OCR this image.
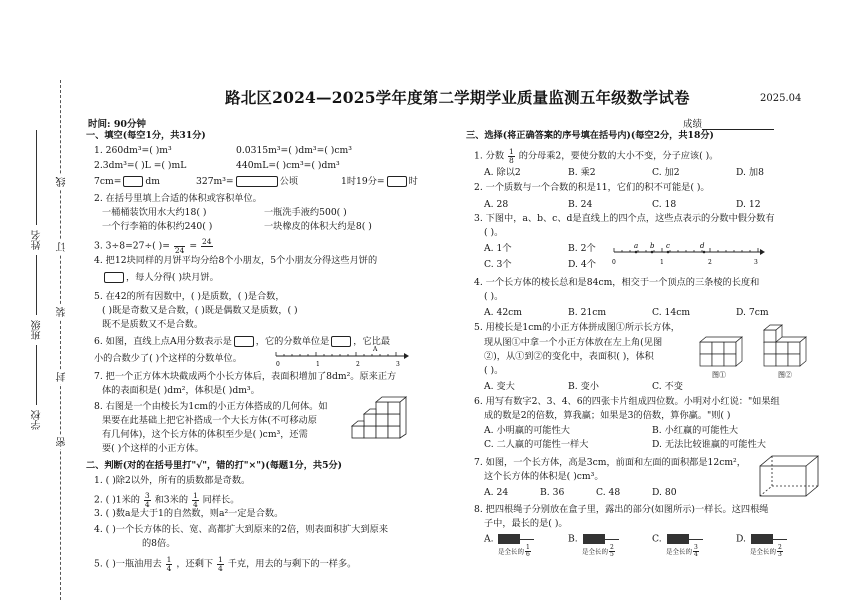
学校
班级
姓名
线
订
装
封
密
路北区2024—2025学年度第二学期学业质量监测五年级数学试卷	2025.04
时间: 90分钟	成绩
一、填空(每空1分，共31分)
1. 260dm³=( )m³	0.0315m³=( )dm³=( )cm³
2.3dm³=( )L =( )mL	440mL=( )cm³=( )dm³
7cm=	dm	327m³=	公顷	1时19分=	时
2. 在括号里填上合适的体积或容积单位。
一桶桶装饮用水大约18( )	一瓶洗手液约500( )
一个行李箱的体积约240( )	一块橡皮的体积大约是8( )
3. 3÷8=27÷( )=
  24 = 24

4. 把12块同样的月饼平均分给8个小朋友，5个小朋友分得这些月饼的
，每人分得( )块月饼。
5. 在42的所有因数中，( )是质数，( )是合数，
( )既是奇数又是合数，( )既是偶数又是质数，( )
既不是质数又不是合数。
6. 如图，直线上点A用分数表示是	，它的分数单位是	，它比最
小的合数少了( )个这样的分数单位。
0	1	2	3
A
7. 把一个正方体木块截成两个小长方体后，表面积增加了8dm²。原来正方
体的表面积是( )dm²，体积是( )dm³。
8. 右图是一个由棱长为1cm的小正方体搭成的几何体。如
果要在此基础上把它补搭成一个大长方体(不可移动原
有几何体)，这个长方体的体积至少是( )cm³，还需
要( )个这样的小正方体。
二、判断(对的在括号里打"√"，错的打"×")(每题1分，共5分)
1. ( )除2以外，所有的质数都是奇数。
2. ( )1米的 $\frac{3}{4}$ 和3米的 $\frac{1}{4}$ 同样长。
3. ( )数a是大于1的自然数，则a²一定是合数。
4. ( )一个长方体的长、宽、高都扩大到原来的2倍，则表面积扩大到原来
的8倍。
5. ( )一瓶油用去 $\frac{1}{4}$ ，还剩下 $\frac{1}{4}$ 千克，用去的与剩下的一样多。
三、选择(将正确答案的序号填在括号内)(每空2分，共18分)
1. 分数 $\frac{1}{8}$ 的分母乘2，要使分数的大小不变，分子应该( )。
A. 除以2	B. 乘2	C. 加2	D. 加8
2. 一个质数与一个合数的积是11，它们的积不可能是( )。
A. 28	B. 24	C. 18	D. 12
3. 下图中，a、b、c、d是直线上的四个点，这些点表示的分数中假分数有
( )。
A. 1个	B. 2个
C. 3个	D. 4个	0	1	2	3
a b c	d
4. 一个长方体的棱长总和是84cm，相交于一个顶点的三条棱的长度和
( )。
A. 42cm	B. 21cm	C. 14cm	D. 7cm
5. 用棱长是1cm的小正方体拼成图①所示长方体，
现从图①中拿一个小正方体放在左上角(见图
②)，从①到②的变化中，表面积( )，体积
( )。
A. 变大	B. 变小	C. 不变
图①	图②
6. 用写有数字2、3、4、6的四张卡片组成四位数。小明对小红说："如果组
成的数是2的倍数，算我赢；如果是3的倍数，算你赢。"则( )
A. 小明赢的可能性大	B. 小红赢的可能性大
C. 二人赢的可能性一样大	D. 无法比较谁赢的可能性大
7. 如图，一个长方体，高是3cm，前面和左面的面积都是12cm²，
这个长方体的体积是( )cm³。
A. 24	B. 36	C. 48	D. 80
8. 把四根绳子分别放在盒子里，露出的部分(如图所示)一样长。这四根绳
子中，最长的是( )。
A.
是全长的 $\frac{1}{6}$
B.
是全长的 $\frac{2}{5}$
C.
是全长的 $\frac{3}{4}$
D.
是全长的 $\frac{2}{3}$
